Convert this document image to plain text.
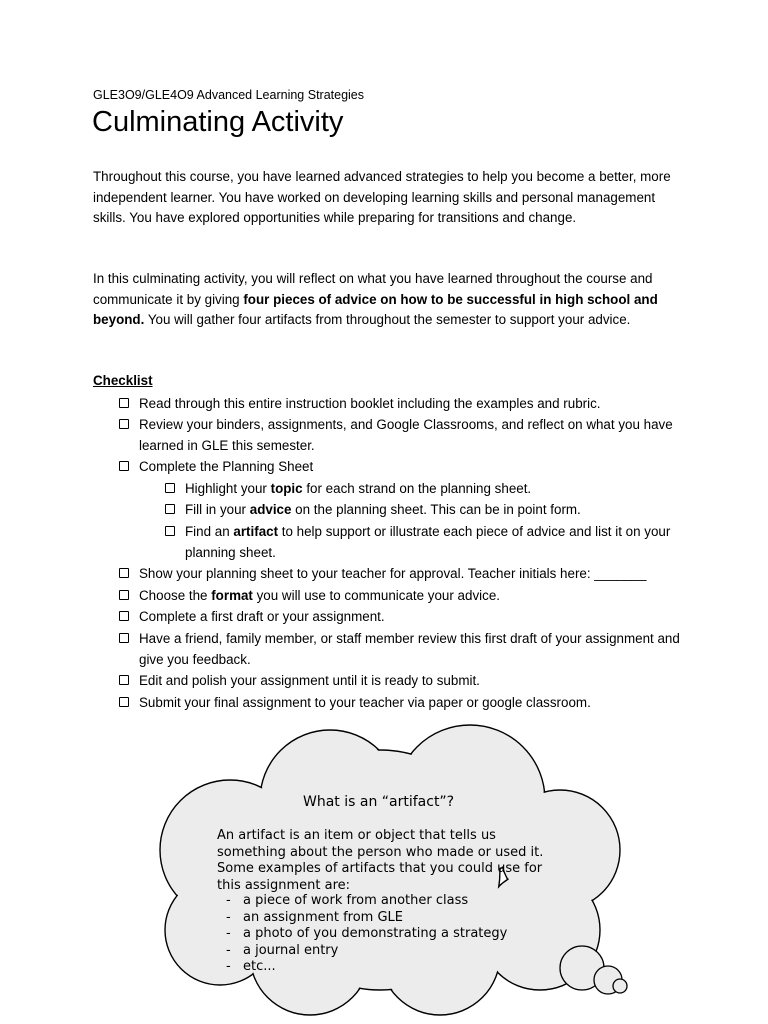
GLE3O9/GLE4O9 Advanced Learning Strategies
Culminating Activity

Throughout this course, you have learned advanced strategies to help you become a better, more independent learner. You have worked on developing learning skills and personal management skills. You have explored opportunities while preparing for transitions and change.

In this culminating activity, you will reflect on what you have learned throughout the course and communicate it by giving four pieces of advice on how to be successful in high school and beyond. You will gather four artifacts from throughout the semester to support your advice.

Checklist
Read through this entire instruction booklet including the examples and rubric.
Review your binders, assignments, and Google Classrooms, and reflect on what you have learned in GLE this semester.
Complete the Planning Sheet
Highlight your topic for each strand on the planning sheet.
Fill in your advice on the planning sheet. This can be in point form.
Find an artifact to help support or illustrate each piece of advice and list it on your planning sheet.
Show your planning sheet to your teacher for approval. Teacher initials here: _______
Choose the format you will use to communicate your advice.
Complete a first draft or your assignment.
Have a friend, family member, or staff member review this first draft of your assignment and give you feedback.
Edit and polish your assignment until it is ready to submit.
Submit your final assignment to your teacher via paper or google classroom.
What is an “artifact”?
An artifact is an item or object that tells us something about the person who made or used it. Some examples of artifacts that you could use for this assignment are:
- a piece of work from another class
- an assignment from GLE
- a photo of you demonstrating a strategy
- a journal entry
- etc...
